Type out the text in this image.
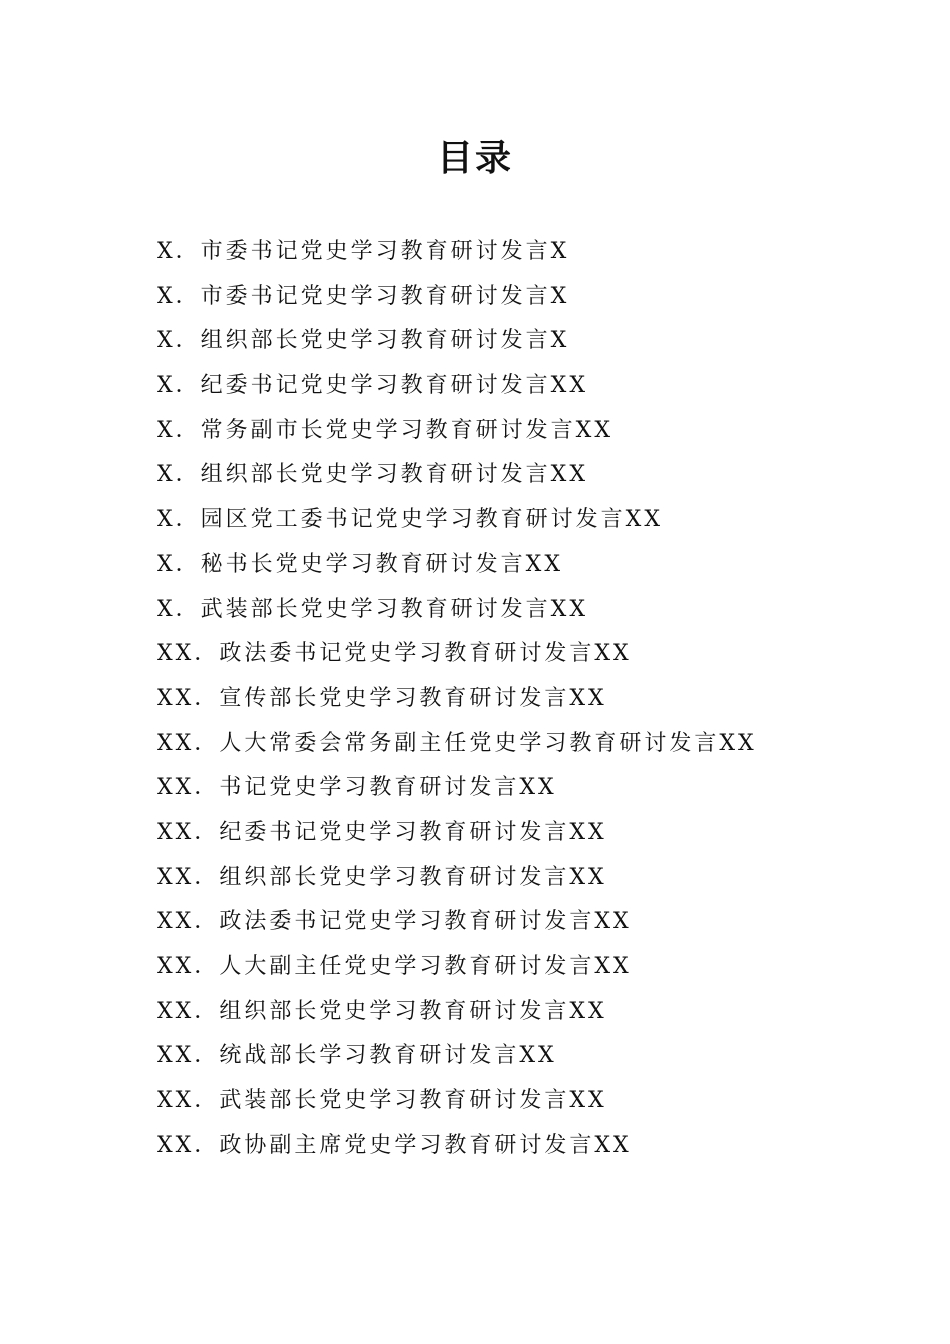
目录
X．市委书记党史学习教育研讨发言X
X．市委书记党史学习教育研讨发言X
X．组织部长党史学习教育研讨发言X
X．纪委书记党史学习教育研讨发言XX
X．常务副市长党史学习教育研讨发言XX
X．组织部长党史学习教育研讨发言XX
X．园区党工委书记党史学习教育研讨发言XX
X．秘书长党史学习教育研讨发言XX
X．武装部长党史学习教育研讨发言XX
XX．政法委书记党史学习教育研讨发言XX
XX．宣传部长党史学习教育研讨发言XX
XX．人大常委会常务副主任党史学习教育研讨发言XX
XX．书记党史学习教育研讨发言XX
XX．纪委书记党史学习教育研讨发言XX
XX．组织部长党史学习教育研讨发言XX
XX．政法委书记党史学习教育研讨发言XX
XX．人大副主任党史学习教育研讨发言XX
XX．组织部长党史学习教育研讨发言XX
XX．统战部长学习教育研讨发言XX
XX．武装部长党史学习教育研讨发言XX
XX．政协副主席党史学习教育研讨发言XX
